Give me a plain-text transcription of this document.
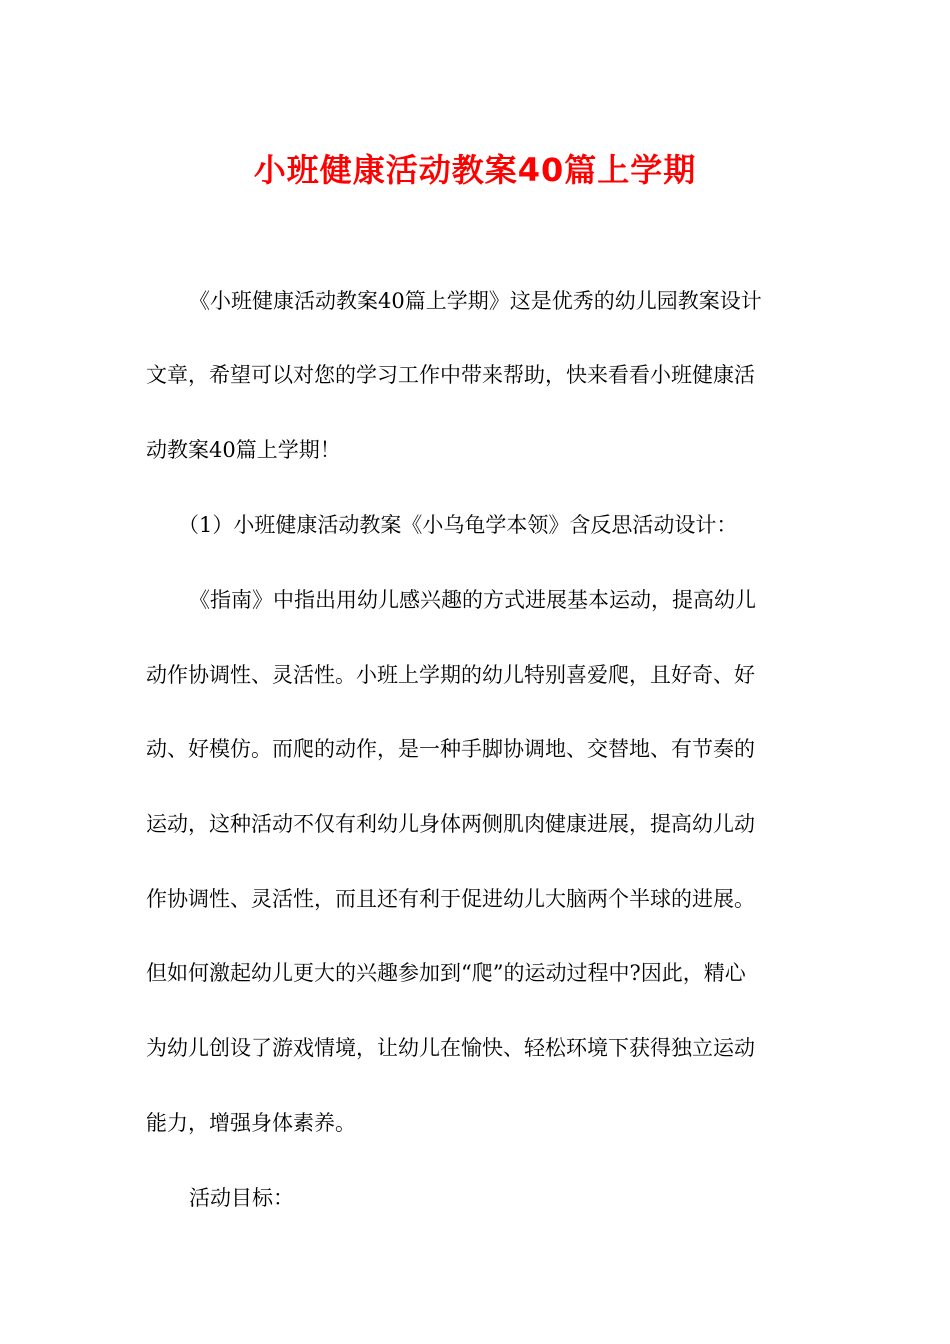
小班健康活动教案40篇上学期

《小班健康活动教案40篇上学期》这是优秀的幼儿园教案设计

文章，希望可以对您的学习工作中带来帮助，快来看看小班健康活

动教案40篇上学期！

（1）小班健康活动教案《小乌龟学本领》含反思活动设计：

《指南》中指出用幼儿感兴趣的方式进展基本运动，提高幼儿

动作协调性、灵活性。小班上学期的幼儿特别喜爱爬，且好奇、好

动、好模仿。而爬的动作，是一种手脚协调地、交替地、有节奏的

运动，这种活动不仅有利幼儿身体两侧肌肉健康进展，提高幼儿动

作协调性、灵活性，而且还有利于促进幼儿大脑两个半球的进展。

但如何激起幼儿更大的兴趣参加到“爬”的运动过程中?因此，精心

为幼儿创设了游戏情境，让幼儿在愉快、轻松环境下获得独立运动

能力，增强身体素养。

活动目标：
